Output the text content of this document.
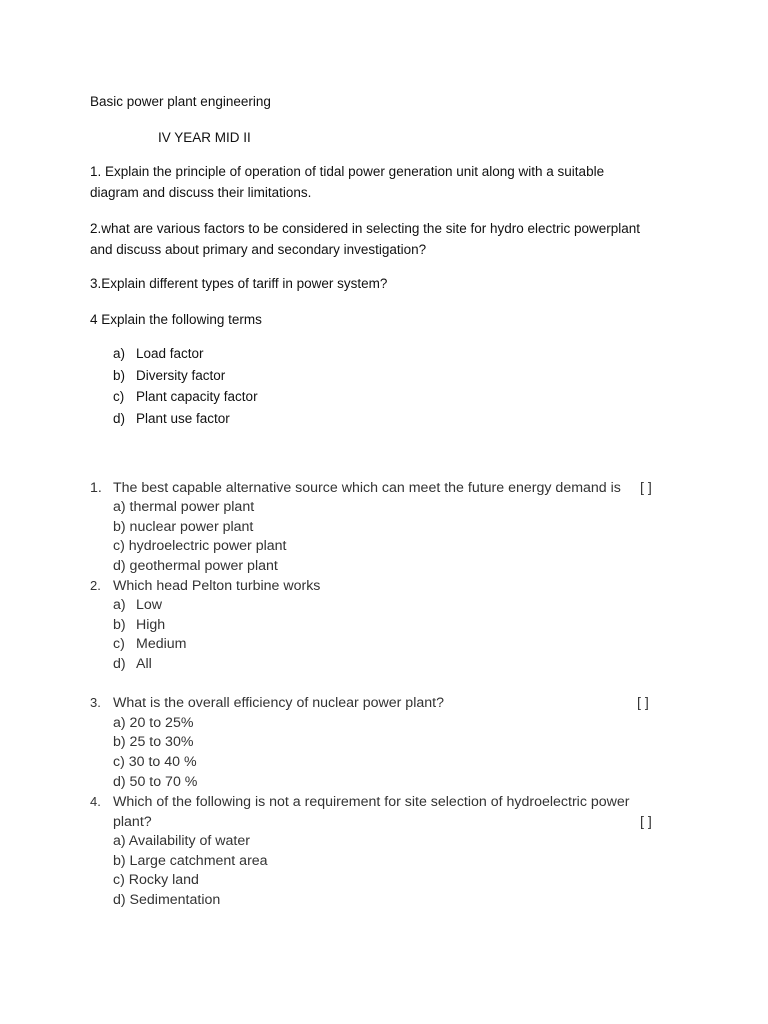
Basic power plant engineering
IV YEAR MID II
1. Explain the principle of operation of tidal power generation unit along with a suitable
diagram and discuss their limitations.
2.what are various factors to be considered in selecting the site for hydro electric powerplant
and discuss about primary and secondary investigation?
3.Explain different types of tariff in power system?
4 Explain the following terms
a) Load factor
b) Diversity factor
c) Plant capacity factor
d) Plant use factor
1. The best capable alternative source which can meet the future energy demand is [ ]
a) thermal power plant
b) nuclear power plant
c) hydroelectric power plant
d) geothermal power plant
2. Which head Pelton turbine works
a) Low
b) High
c) Medium
d) All
3. What is the overall efficiency of nuclear power plant?	[ ]
a) 20 to 25%
b) 25 to 30%
c) 30 to 40 %
d) 50 to 70 %
4. Which of the following is not a requirement for site selection of hydroelectric power
plant?	[ ]
a) Availability of water
b) Large catchment area
c) Rocky land
d) Sedimentation
